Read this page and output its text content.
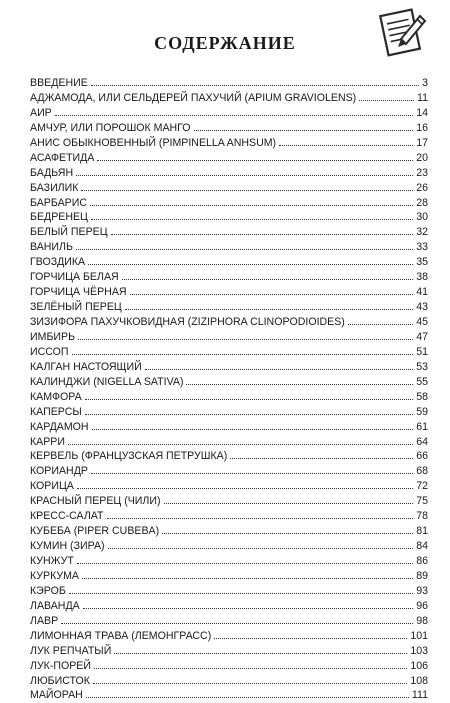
СОДЕРЖАНИЕ
ВВЕДЕНИЕ	3
АДЖАМОДА, ИЛИ СЕЛЬДЕРЕЙ ПАХУЧИЙ (APIUM GRAVIOLENS)	11
АИР	14
АМЧУР, ИЛИ ПОРОШОК МАНГО	16
АНИС ОБЫКНОВЕННЫЙ (PIMPINELLA ANHSUM)	17
АСАФЕТИДА	20
БАДЬЯН	23
БАЗИЛИК	26
БАРБАРИС	28
БЕДРЕНЕЦ	30
БЕЛЫЙ ПЕРЕЦ	32
ВАНИЛЬ	33
ГВОЗДИКА	35
ГОРЧИЦА БЕЛАЯ	38
ГОРЧИЦА ЧЁРНАЯ	41
ЗЕЛЁНЫЙ ПЕРЕЦ	43
ЗИЗИФОРА ПАХУЧКОВИДНАЯ (ZIZIPHORA CLINOPODIOIDES)	45
ИМБИРЬ	47
ИССОП	51
КАЛГАН НАСТОЯЩИЙ	53
КАЛИНДЖИ (NIGELLA SATIVA)	55
КАМФОРА	58
КАПЕРСЫ	59
КАРДАМОН	61
КАРРИ	64
КЕРВЕЛЬ (ФРАНЦУЗСКАЯ ПЕТРУШКА)	66
КОРИАНДР	68
КОРИЦА	72
КРАСНЫЙ ПЕРЕЦ (ЧИЛИ)	75
КРЕСС-САЛАТ	78
КУБЕБА (PIPER CUBEBA)	81
КУМИН (ЗИРА)	84
КУНЖУТ	86
КУРКУМА	89
КЭРОБ	93
ЛАВАНДА	96
ЛАВР	98
ЛИМОННАЯ ТРАВА (ЛЕМОНГРАСС)	101
ЛУК РЕПЧАТЫЙ	103
ЛУК-ПОРЕЙ	106
ЛЮБИСТОК	108
МАЙОРАН	111
